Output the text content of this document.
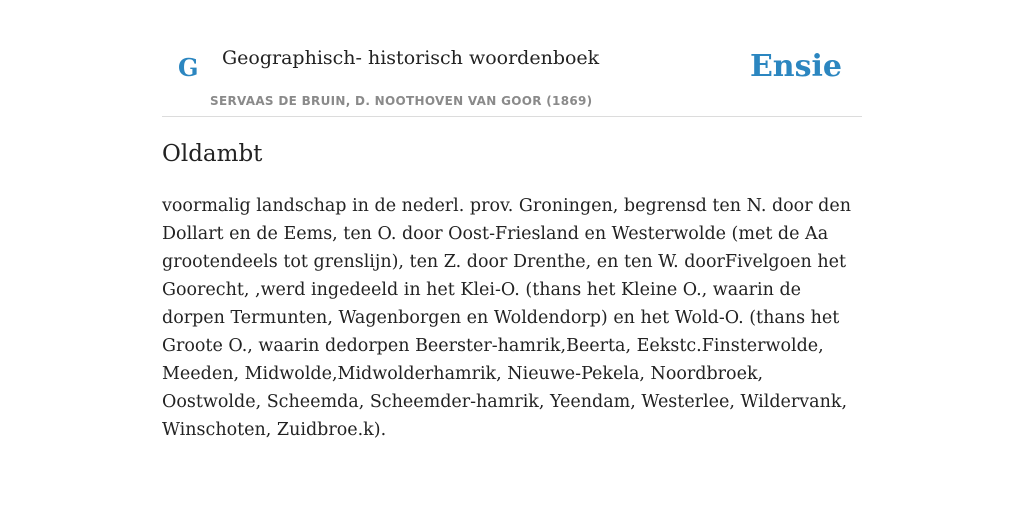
G Geographisch- historisch woordenboek
SERVAAS DE BRUIN, D. NOOTHOVEN VAN GOOR (1869)
Ensie
Oldambt

voormalig landschap in de nederl. prov. Groningen, begrensd ten N. door den Dollart en de Eems, ten O. door Oost-Friesland en Westerwolde (met de Aa grootendeels tot grenslijn), ten Z. door Drenthe, en ten W. doorFivelgoen het Goorecht, ,werd ingedeeld in het Klei-O. (thans het Kleine O., waarin de dorpen Termunten, Wagenborgen en Woldendorp) en het Wold-O. (thans het Groote O., waarin dedorpen Beerster-hamrik,Beerta, Eekstc.Finsterwolde, Meeden, Midwolde,Midwolderhamrik, Nieuwe-Pekela, Noordbroek, Oostwolde, Scheemda, Scheemder-hamrik, Yeendam, Westerlee, Wildervank, Winschoten, Zuidbroe.k).
